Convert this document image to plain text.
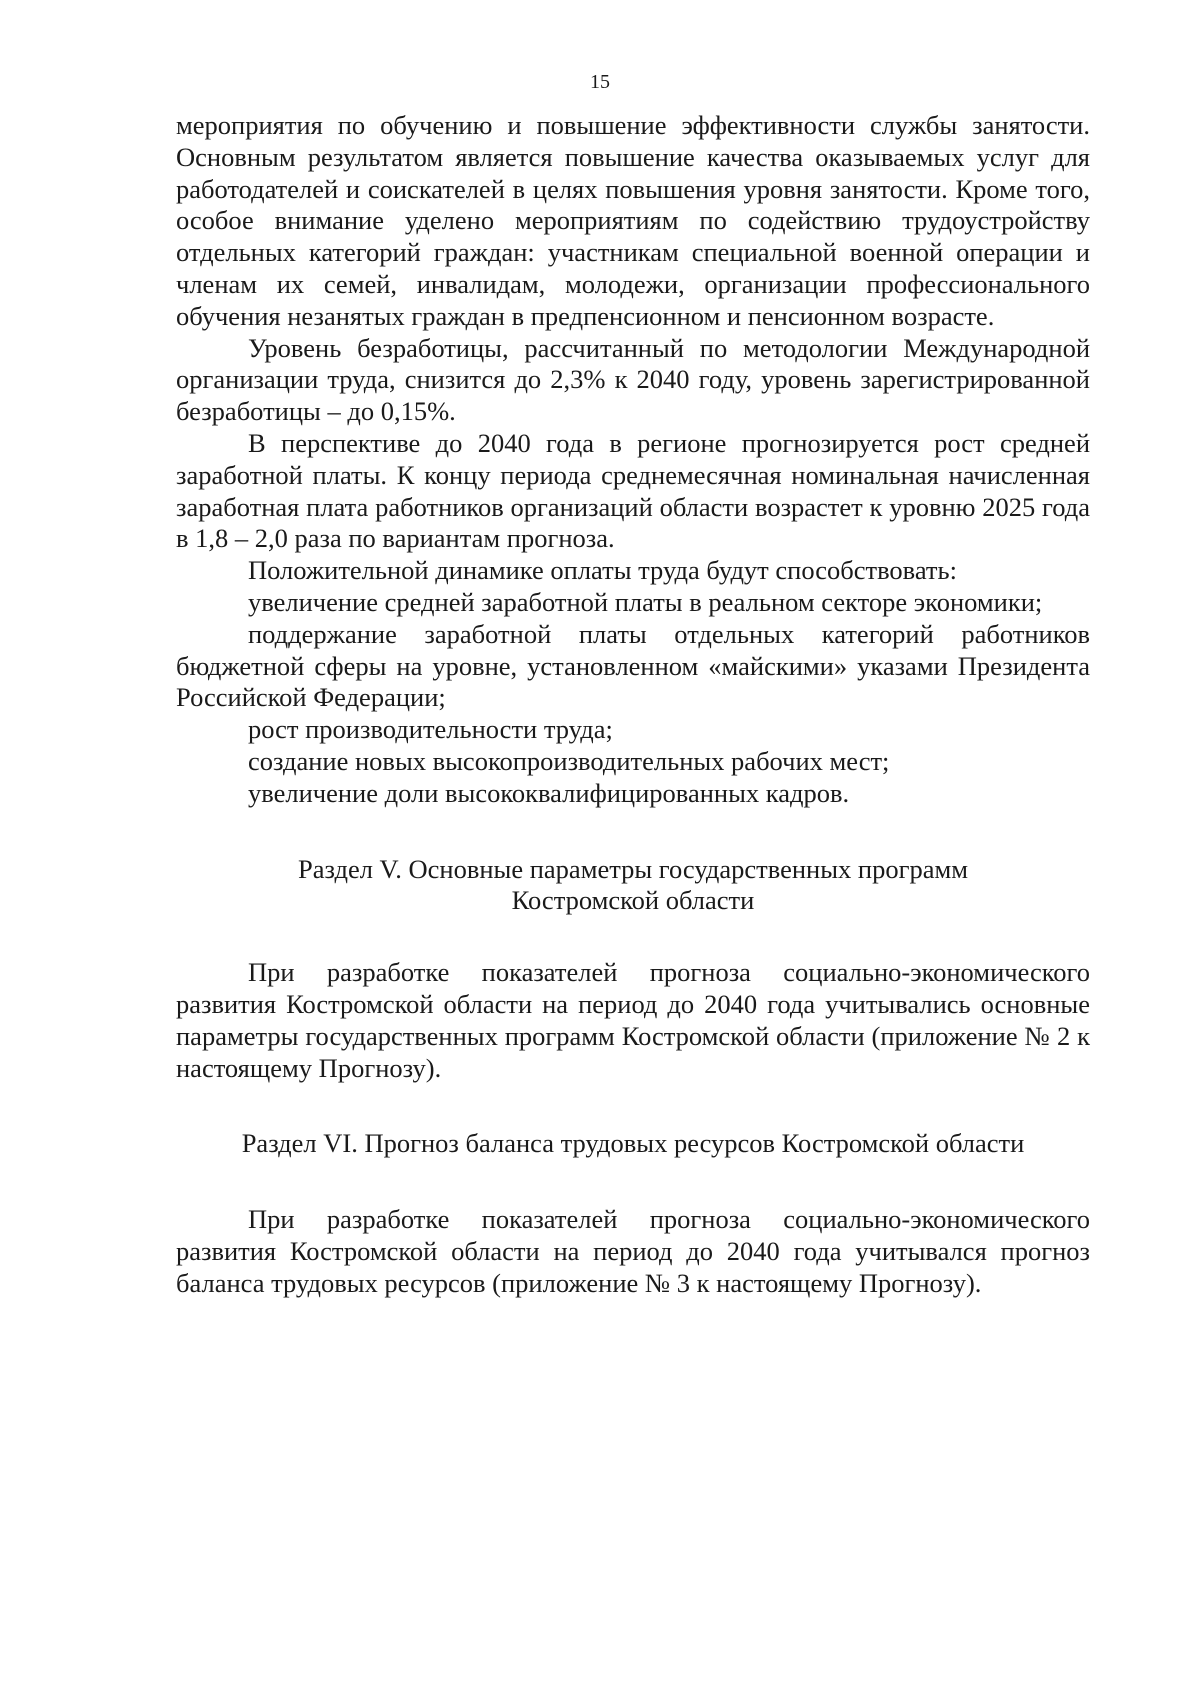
15

мероприятия по обучению и повышение эффективности службы занятости. Основным результатом является повышение качества оказываемых услуг для работодателей и соискателей в целях повышения уровня занятости. Кроме того, особое внимание уделено мероприятиям по содействию трудоустройству отдельных категорий граждан: участникам специальной военной операции и членам их семей, инвалидам, молодежи, организации профессионального обучения незанятых граждан в предпенсионном и пенсионном возрасте.

Уровень безработицы, рассчитанный по методологии Международной организации труда, снизится до 2,3% к 2040 году, уровень зарегистрированной безработицы – до 0,15%.

В перспективе до 2040 года в регионе прогнозируется рост средней заработной платы. К концу периода среднемесячная номинальная начисленная заработная плата работников организаций области возрастет к уровню 2025 года в 1,8 – 2,0 раза по вариантам прогноза.

Положительной динамике оплаты труда будут способствовать:

увеличение средней заработной платы в реальном секторе экономики;

поддержание заработной платы отдельных категорий работников бюджетной сферы на уровне, установленном «майскими» указами Президента Российской Федерации;

рост производительности труда;

создание новых высокопроизводительных рабочих мест;

увеличение доли высококвалифицированных кадров.

Раздел V. Основные параметры государственных программ
Костромской области

При разработке показателей прогноза социально-экономического развития Костромской области на период до 2040 года учитывались основные параметры государственных программ Костромской области (приложение № 2 к настоящему Прогнозу).

Раздел VI. Прогноз баланса трудовых ресурсов Костромской области

При разработке показателей прогноза социально-экономического развития Костромской области на период до 2040 года учитывался прогноз баланса трудовых ресурсов (приложение № 3 к настоящему Прогнозу).
